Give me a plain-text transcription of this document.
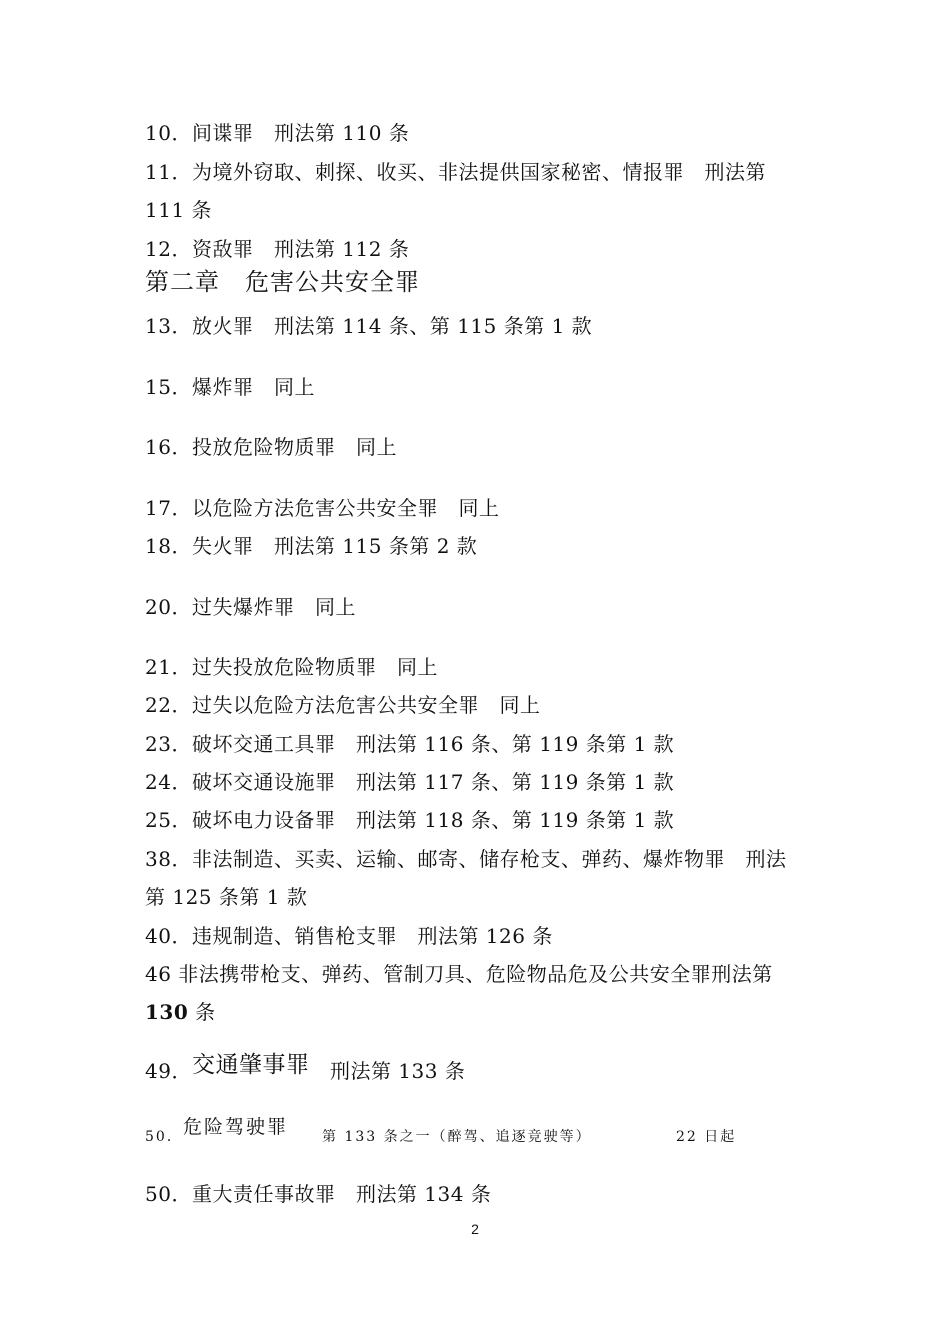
10．间谍罪　刑法第 110 条
11．为境外窃取、刺探、收买、非法提供国家秘密、情报罪　刑法第 111 条
12．资敌罪　刑法第 112 条
第二章　危害公共安全罪
13．放火罪　刑法第 114 条、第 115 条第 1 款
15．爆炸罪　同上
16．投放危险物质罪　同上
17．以危险方法危害公共安全罪　同上
18．失火罪　刑法第 115 条第 2 款
20．过失爆炸罪　同上
21．过失投放危险物质罪　同上
22．过失以危险方法危害公共安全罪　同上
23．破坏交通工具罪　刑法第 116 条、第 119 条第 1 款
24．破坏交通设施罪　刑法第 117 条、第 119 条第 1 款
25．破坏电力设备罪　刑法第 118 条、第 119 条第 1 款
38．非法制造、买卖、运输、邮寄、储存枪支、弹药、爆炸物罪　刑法第 125 条第 1 款
40．违规制造、销售枪支罪　刑法第 126 条
46 非法携带枪支、弹药、管制刀具、危险物品危及公共安全罪刑法第 130 条
49．交通肇事罪　刑法第 133 条
50． 危险驾驶罪 第 133 条之一（醉驾、追逐竞驶等）	22 日起
50．重大责任事故罪　刑法第 134 条
2
